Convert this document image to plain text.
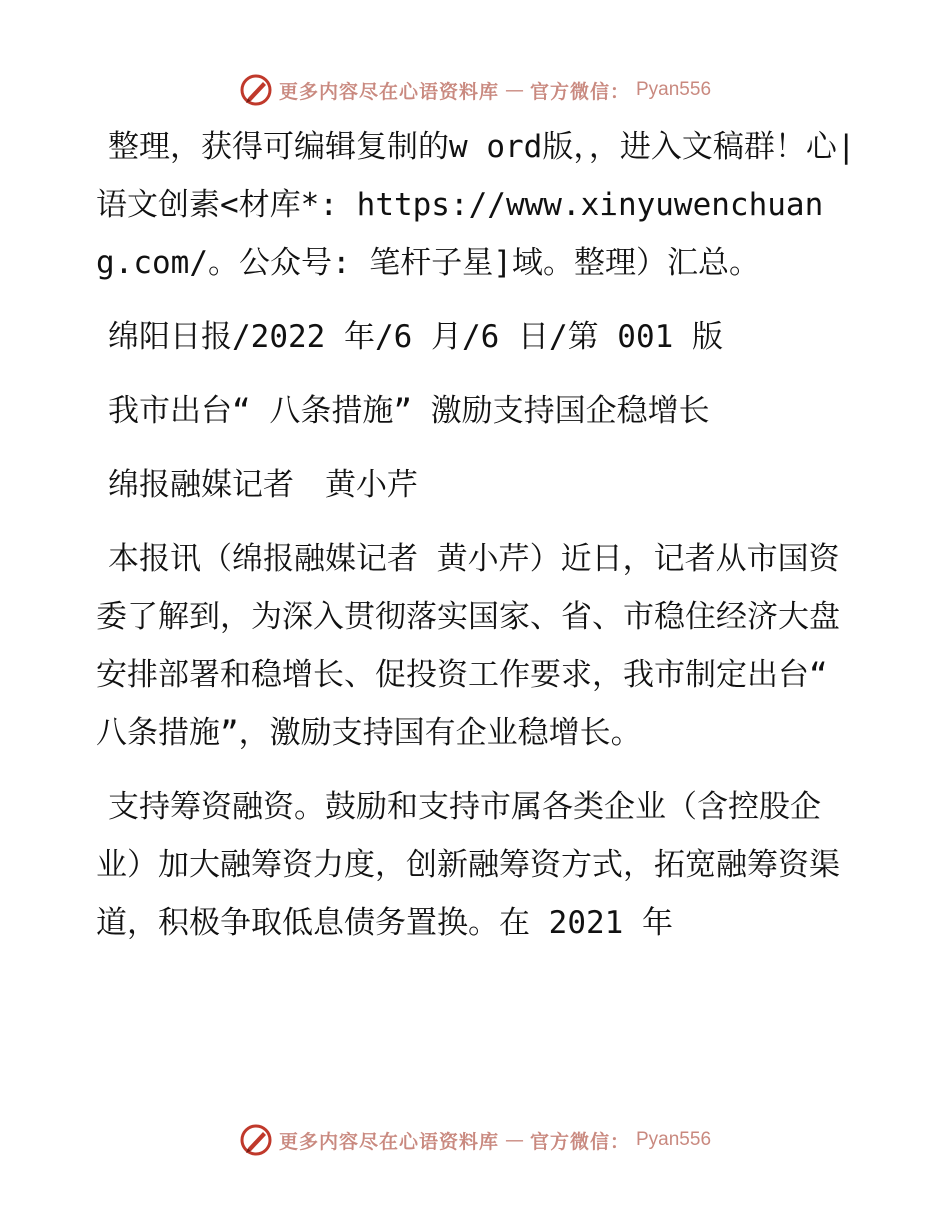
更多内容尽在心语资料库 — 官方微信： Pyan556

整理，获得可编辑复制的w ord版，，进入文稿群！心|语文创素<材库*: https://www.xinyuwenchuang.com/。公众号: 笔杆子星]域。整理）汇总。

绵阳日报/2022 年/6 月/6 日/第 001 版

我市出台“ 八条措施” 激励支持国企稳增长

绵报融媒记者　黄小芹

本报讯（绵报融媒记者 黄小芹）近日，记者从市国资委了解到，为深入贯彻落实国家、省、市稳住经济大盘安排部署和稳增长、促投资工作要求，我市制定出台“ 八条措施”，激励支持国有企业稳增长。

支持筹资融资。鼓励和支持市属各类企业（含控股企业）加大融筹资力度，创新融筹资方式，拓宽融筹资渠道，积极争取低息债务置换。在 2021 年

更多内容尽在心语资料库 — 官方微信： Pyan556
